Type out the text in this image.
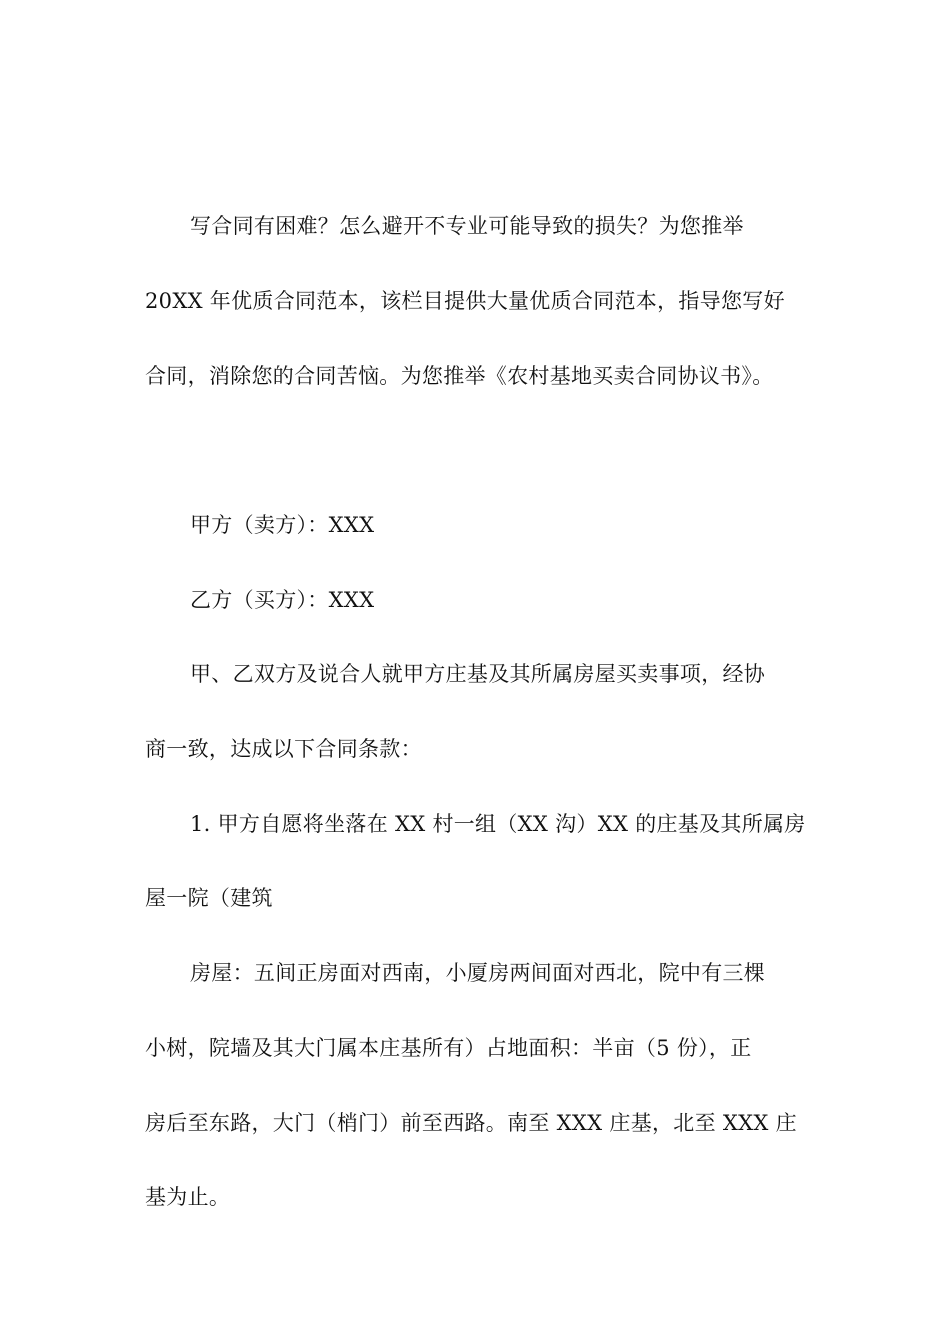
写合同有困难？怎么避开不专业可能导致的损失？为您推举
20XX 年优质合同范本，该栏目提供大量优质合同范本，指导您写好
合同，消除您的合同苦恼。为您推举《农村基地买卖合同协议书》。
甲方（卖方）：XXX
乙方（买方）：XXX
甲、乙双方及说合人就甲方庄基及其所属房屋买卖事项，经协
商一致，达成以下合同条款：
1. 甲方自愿将坐落在 XX 村一组（XX 沟）XX 的庄基及其所属房
屋一院（建筑
房屋：五间正房面对西南，小厦房两间面对西北，院中有三棵
小树，院墙及其大门属本庄基所有）占地面积：半亩（5 份），正
房后至东路，大门（梢门）前至西路。南至 XXX 庄基，北至 XXX 庄
基为止。
